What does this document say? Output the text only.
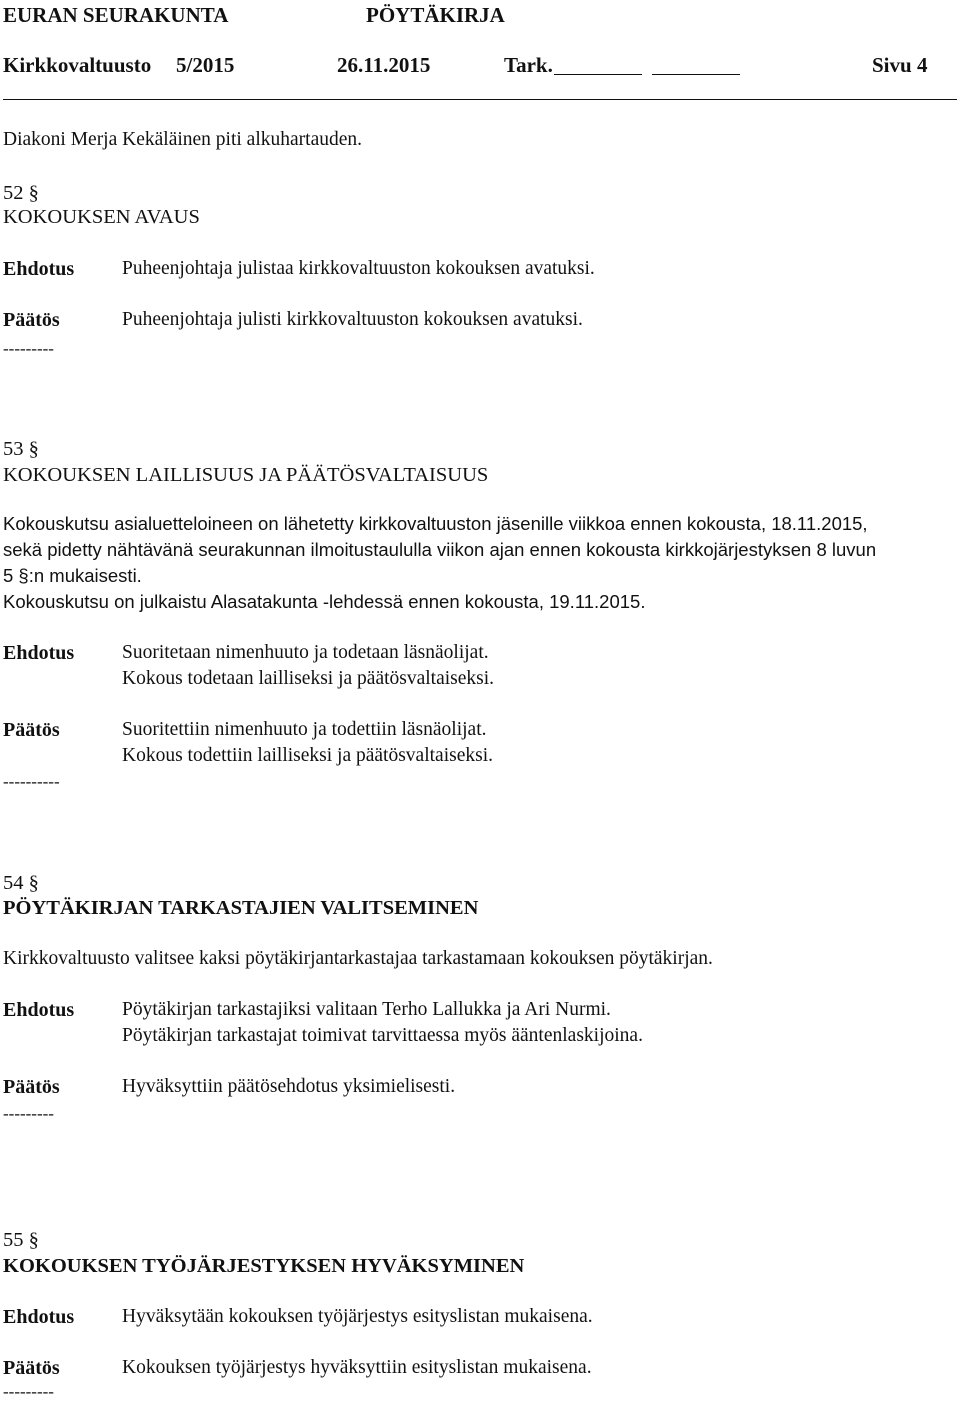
EURAN SEURAKUNTA	PÖYTÄKIRJA
Kirkkovaltuusto 5/2015	26.11.2015	Tark.	Sivu 4
Diakoni Merja Kekäläinen piti alkuhartauden.
52 §
KOKOUKSEN AVAUS
Ehdotus Puheenjohtaja julistaa kirkkovaltuuston kokouksen avatuksi.
Päätös	Puheenjohtaja julisti kirkkovaltuuston kokouksen avatuksi.
---------
53 §
KOKOUKSEN LAILLISUUS JA PÄÄTÖSVALTAISUUS
Kokouskutsu asialuetteloineen on lähetetty kirkkovaltuuston jäsenille viikkoa ennen kokousta, 18.11.2015,
sekä pidetty nähtävänä seurakunnan ilmoitustaululla viikon ajan ennen kokousta kirkkojärjestyksen 8 luvun
5 §:n mukaisesti.
Kokouskutsu on julkaistu Alasatakunta -lehdessä ennen kokousta, 19.11.2015.
Ehdotus Suoritetaan nimenhuuto ja todetaan läsnäolijat.
Kokous todetaan lailliseksi ja päätösvaltaiseksi.
Päätös	Suoritettiin nimenhuuto ja todettiin läsnäolijat.
Kokous todettiin lailliseksi ja päätösvaltaiseksi.
----------
54 §
PÖYTÄKIRJAN TARKASTAJIEN VALITSEMINEN
Kirkkovaltuusto valitsee kaksi pöytäkirjantarkastajaa tarkastamaan kokouksen pöytäkirjan.
Ehdotus Pöytäkirjan tarkastajiksi valitaan Terho Lallukka ja Ari Nurmi.
Pöytäkirjan tarkastajat toimivat tarvittaessa myös ääntenlaskijoina.
Päätös	Hyväksyttiin päätösehdotus yksimielisesti.
---------
55 §
KOKOUKSEN TYÖJÄRJESTYKSEN HYVÄKSYMINEN
Ehdotus Hyväksytään kokouksen työjärjestys esityslistan mukaisena.
Päätös	Kokouksen työjärjestys hyväksyttiin esityslistan mukaisena.
---------
